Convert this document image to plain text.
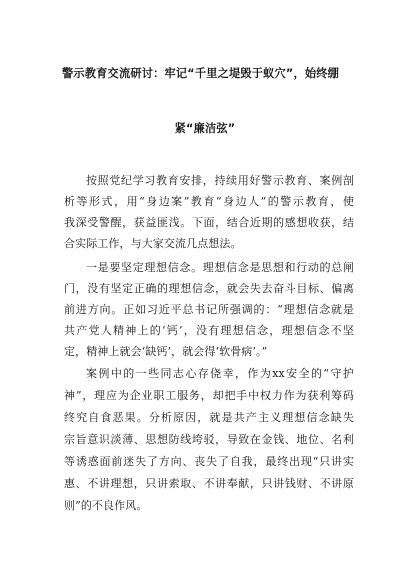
警示教育交流研讨：牢记“千里之堤毁于蚁穴”，始终绷
紧“廉洁弦”
按照党纪学习教育安排，持续用好警示教育、案例剖
析等形式，用“身边案”教育“身边人”的警示教育，使
我深受警醒，获益匪浅。下面，结合近期的感想收获，结
合实际工作，与大家交流几点想法。
一是要坚定理想信念。理想信念是思想和行动的总闸
门，没有坚定正确的理想信念，就会失去奋斗目标、偏离
前进方向。正如习近平总书记所强调的：“理想信念就是
共产党人精神上的‘钙’，没有理想信念，理想信念不坚
定，精神上就会‘缺钙’，就会得‘软骨病’。”
案例中的一些同志心存侥幸，作为xx安全的“守护
神”，理应为企业职工服务，却把手中权力作为获利筹码
终究自食恶果。分析原因，就是共产主义理想信念缺失
宗旨意识淡薄、思想防线垮驳，导致在金钱、地位、名利
等诱惑面前迷失了方向、丧失了自我，最终出现“只讲实
惠、不讲理想，只讲索取、不讲奉献，只讲钱财、不讲原
则”的不良作风。
